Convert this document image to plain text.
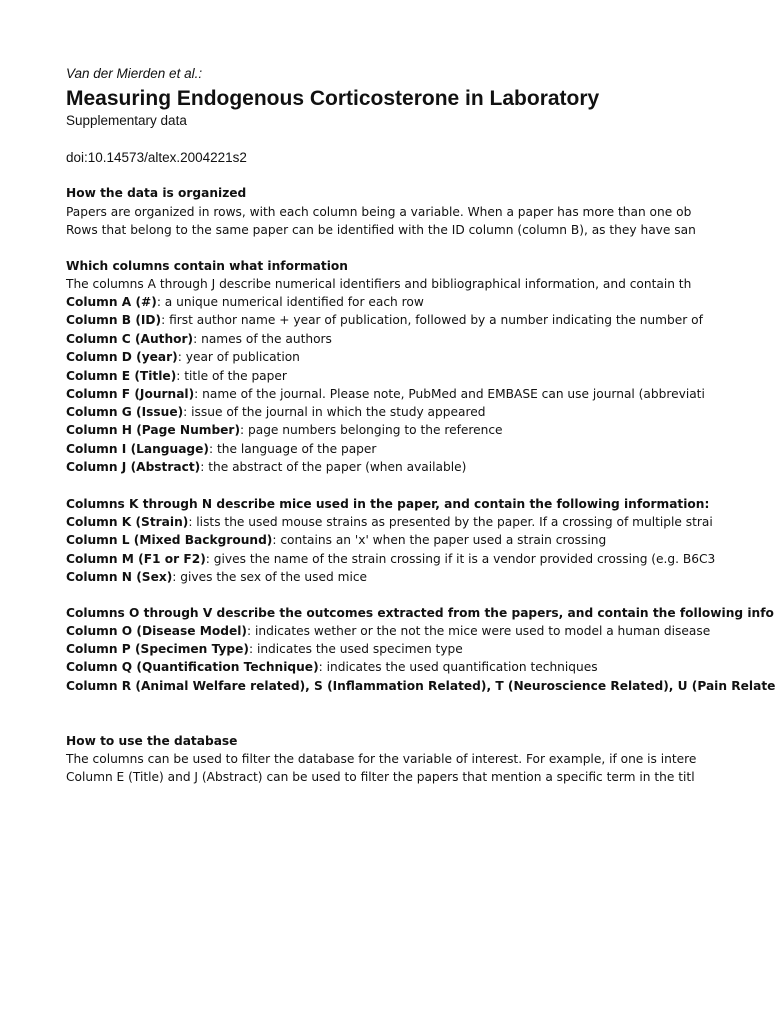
Van der Mierden et al.:
Measuring Endogenous Corticosterone in Laboratory
Supplementary data
doi:10.14573/altex.2004221s2
How the data is organized
Papers are organized in rows, with each column being a variable. When a paper has more than one ob
Rows that belong to the same paper can be identified with the ID column (column B), as they have san
Which columns contain what information
The columns A through J describe numerical identifiers and bibliographical information, and contain th
Column A (#): a unique numerical identified for each row
Column B (ID): first author name + year of publication, followed by a number indicating the number of
Column C (Author): names of the authors
Column D (year): year of publication
Column E (Title): title of the paper
Column F (Journal): name of the journal. Please note, PubMed and EMBASE can use journal (abbreviati
Column G (Issue): issue of the journal in which the study appeared
Column H (Page Number): page numbers belonging to the reference
Column I (Language): the language of the paper
Column J (Abstract): the abstract of the paper (when available)
Columns K through N describe mice used in the paper, and contain the following information:
Column K (Strain): lists the used mouse strains as presented by the paper. If a crossing of multiple strai
Column L (Mixed Background): contains an 'x' when the paper used a strain crossing
Column M (F1 or F2): gives the name of the strain crossing if it is a vendor provided crossing (e.g. B6C3
Column N (Sex): gives the sex of the used mice
Columns O through V describe the outcomes extracted from the papers, and contain the following info
Column O (Disease Model): indicates wether or the not the mice were used to model a human disease
Column P (Specimen Type): indicates the used specimen type
Column Q (Quantification Technique): indicates the used quantification techniques
Column R (Animal Welfare related), S (Inflammation Related), T (Neuroscience Related), U (Pain Relate
How to use the database
The columns can be used to filter the database for the variable of interest. For example, if one is intere
Column E (Title) and J (Abstract) can be used to filter the papers that mention a specific term in the titl
